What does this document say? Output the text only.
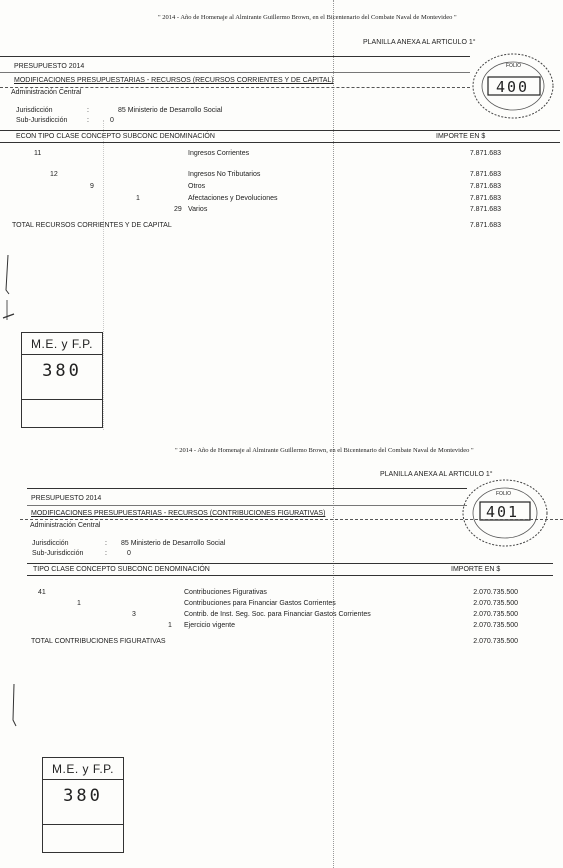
" 2014 - Año de Homenaje al Almirante Guillermo Brown, en el Bicentenario del Combate Naval de Montevideo "
PLANILLA ANEXA AL ARTICULO 1°
FOLIO
400
PRESUPUESTO 2014
MODIFICACIONES PRESUPUESTARIAS - RECURSOS (RECURSOS CORRIENTES Y DE CAPITAL)
Administración Central
Jurisdicción	:	85 Ministerio de Desarrollo Social
Sub-Jurisdicción	:	0
ECON TIPO CLASE CONCEPTO SUBCONC DENOMINACIÓN	IMPORTE EN $
11	Ingresos Corrientes	7.871.683
12	Ingresos No Tributarios	7.871.683
9	Otros	7.871.683
1	Afectaciones y Devoluciones	7.871.683
29 Varios	7.871.683
TOTAL RECURSOS CORRIENTES Y DE CAPITAL	7.871.683
M.E. y F.P.
380
" 2014 - Año de Homenaje al Almirante Guillermo Brown, en el Bicentenario del Combate Naval de Montevideo "
PLANILLA ANEXA AL ARTICULO 1°
FOLIO
401
PRESUPUESTO 2014
MODIFICACIONES PRESUPUESTARIAS - RECURSOS (CONTRIBUCIONES FIGURATIVAS)
Administración Central
Jurisdicción	: 85 Ministerio de Desarrollo Social
Sub-Jurisdicción	:	0
TIPO CLASE CONCEPTO SUBCONC DENOMINACIÓN	IMPORTE EN $
41	Contribuciones Figurativas	2.070.735.500
1	Contribuciones para Financiar Gastos Corrientes	2.070.735.500
3	Contrib. de Inst. Seg. Soc. para Financiar Gastos Corrientes	2.070.735.500
1 Ejercicio vigente	2.070.735.500
TOTAL CONTRIBUCIONES FIGURATIVAS	2.070.735.500
M.E. y F.P.
380
